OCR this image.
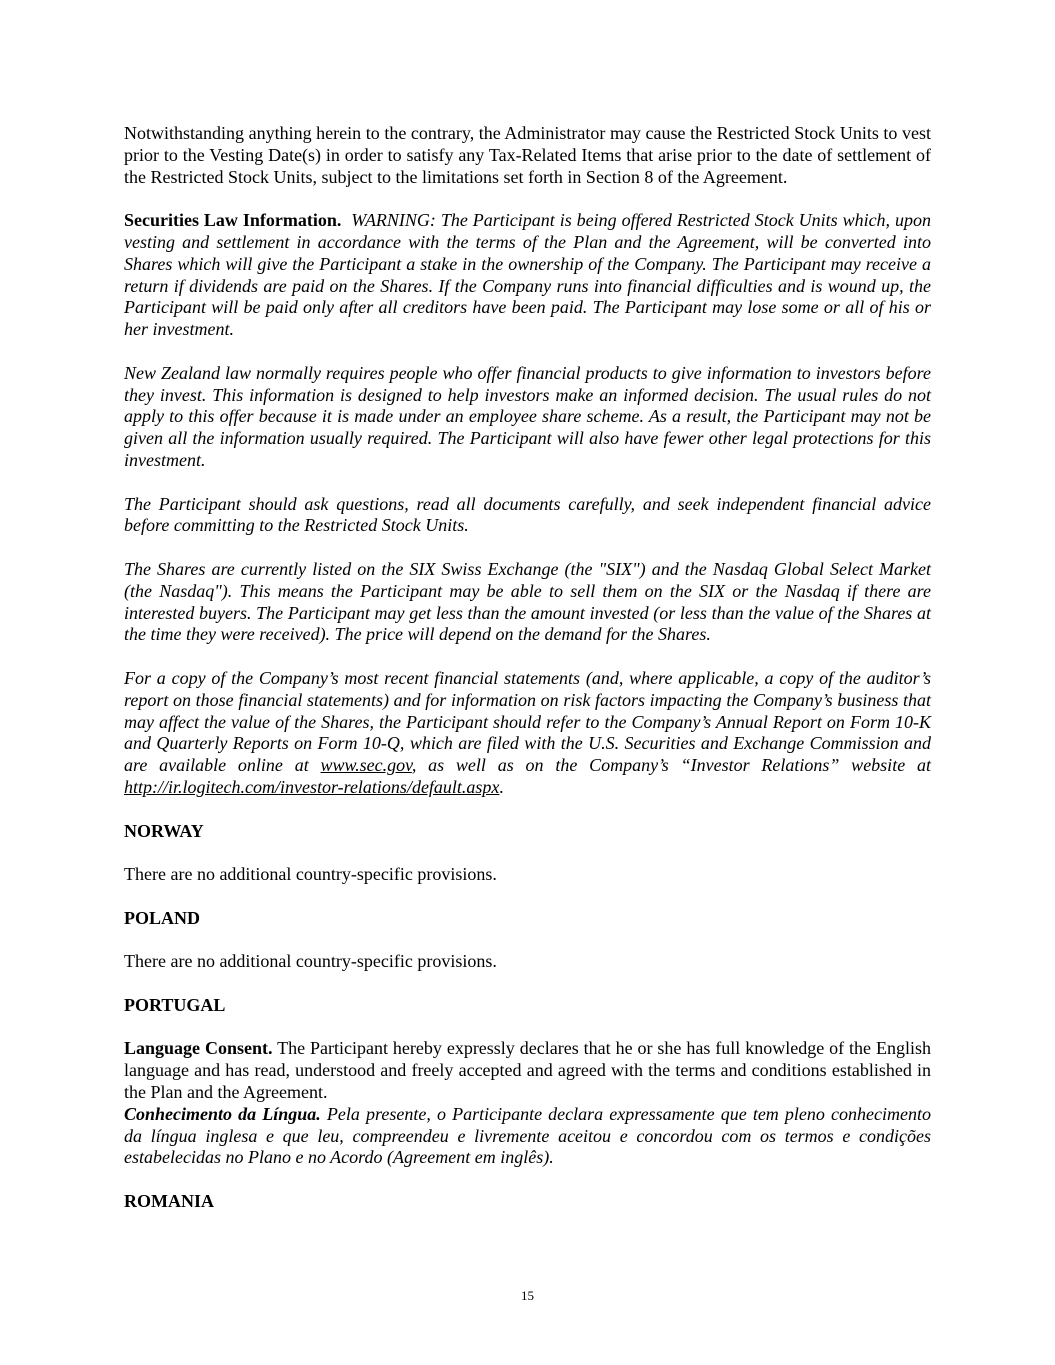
Notwithstanding anything herein to the contrary, the Administrator may cause the Restricted Stock Units to vest prior to the Vesting Date(s) in order to satisfy any Tax-Related Items that arise prior to the date of settlement of the Restricted Stock Units, subject to the limitations set forth in Section 8 of the Agreement.

Securities Law Information. WARNING: The Participant is being offered Restricted Stock Units which, upon vesting and settlement in accordance with the terms of the Plan and the Agreement, will be converted into Shares which will give the Participant a stake in the ownership of the Company. The Participant may receive a return if dividends are paid on the Shares. If the Company runs into financial difficulties and is wound up, the Participant will be paid only after all creditors have been paid. The Participant may lose some or all of his or her investment.

New Zealand law normally requires people who offer financial products to give information to investors before they invest. This information is designed to help investors make an informed decision. The usual rules do not apply to this offer because it is made under an employee share scheme. As a result, the Participant may not be given all the information usually required. The Participant will also have fewer other legal protections for this investment.

The Participant should ask questions, read all documents carefully, and seek independent financial advice before committing to the Restricted Stock Units.

The Shares are currently listed on the SIX Swiss Exchange (the "SIX") and the Nasdaq Global Select Market (the Nasdaq"). This means the Participant may be able to sell them on the SIX or the Nasdaq if there are interested buyers. The Participant may get less than the amount invested (or less than the value of the Shares at the time they were received). The price will depend on the demand for the Shares.

For a copy of the Company’s most recent financial statements (and, where applicable, a copy of the auditor’s report on those financial statements) and for information on risk factors impacting the Company’s business that may affect the value of the Shares, the Participant should refer to the Company’s Annual Report on Form 10-K and Quarterly Reports on Form 10-Q, which are filed with the U.S. Securities and Exchange Commission and are available online at www.sec.gov, as well as on the Company’s “Investor Relations” website at http://ir.logitech.com/investor-relations/default.aspx.

NORWAY

There are no additional country-specific provisions.

POLAND

There are no additional country-specific provisions.

PORTUGAL

Language Consent. The Participant hereby expressly declares that he or she has full knowledge of the English language and has read, understood and freely accepted and agreed with the terms and conditions established in the Plan and the Agreement.

Conhecimento da Língua. Pela presente, o Participante declara expressamente que tem pleno conhecimento da língua inglesa e que leu, compreendeu e livremente aceitou e concordou com os termos e condições estabelecidas no Plano e no Acordo (Agreement em inglês).

ROMANIA
15
